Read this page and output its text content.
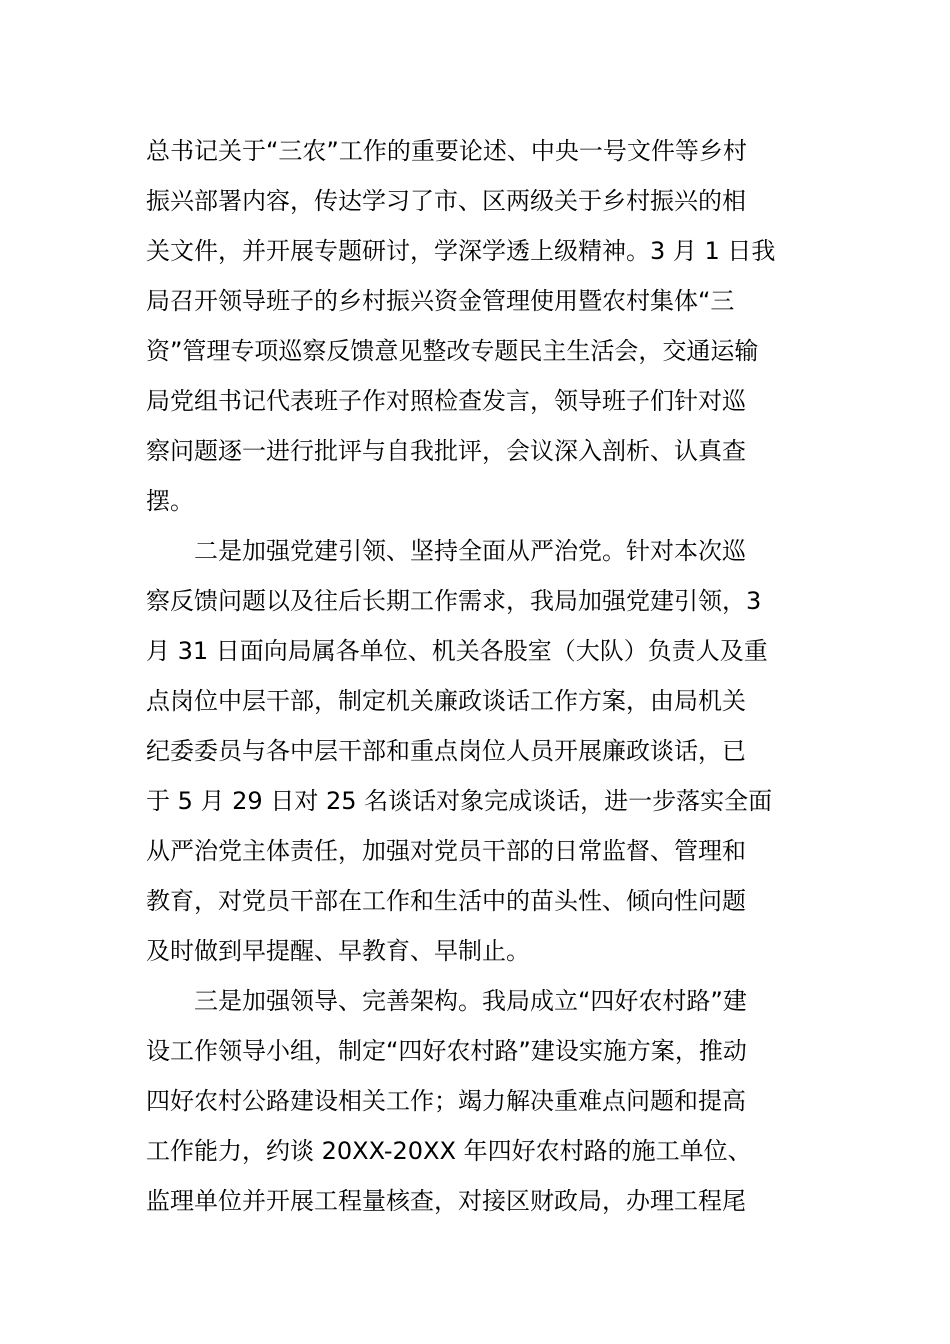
总书记关于“三农”工作的重要论述、中央一号文件等乡村
振兴部署内容，传达学习了市、区两级关于乡村振兴的相
关文件，并开展专题研讨，学深学透上级精神。3 月 1 日我
局召开领导班子的乡村振兴资金管理使用暨农村集体“三
资”管理专项巡察反馈意见整改专题民主生活会，交通运输
局党组书记代表班子作对照检查发言，领导班子们针对巡
察问题逐一进行批评与自我批评，会议深入剖析、认真查
摆。
二是加强党建引领、坚持全面从严治党。针对本次巡
察反馈问题以及往后长期工作需求，我局加强党建引领，3
月 31 日面向局属各单位、机关各股室（大队）负责人及重
点岗位中层干部，制定机关廉政谈话工作方案，由局机关
纪委委员与各中层干部和重点岗位人员开展廉政谈话，已
于 5 月 29 日对 25 名谈话对象完成谈话，进一步落实全面
从严治党主体责任，加强对党员干部的日常监督、管理和
教育，对党员干部在工作和生活中的苗头性、倾向性问题
及时做到早提醒、早教育、早制止。
三是加强领导、完善架构。我局成立“四好农村路”建
设工作领导小组，制定“四好农村路”建设实施方案，推动
四好农村公路建设相关工作；竭力解决重难点问题和提高
工作能力，约谈 20XX-20XX 年四好农村路的施工单位、
监理单位并开展工程量核查，对接区财政局，办理工程尾
